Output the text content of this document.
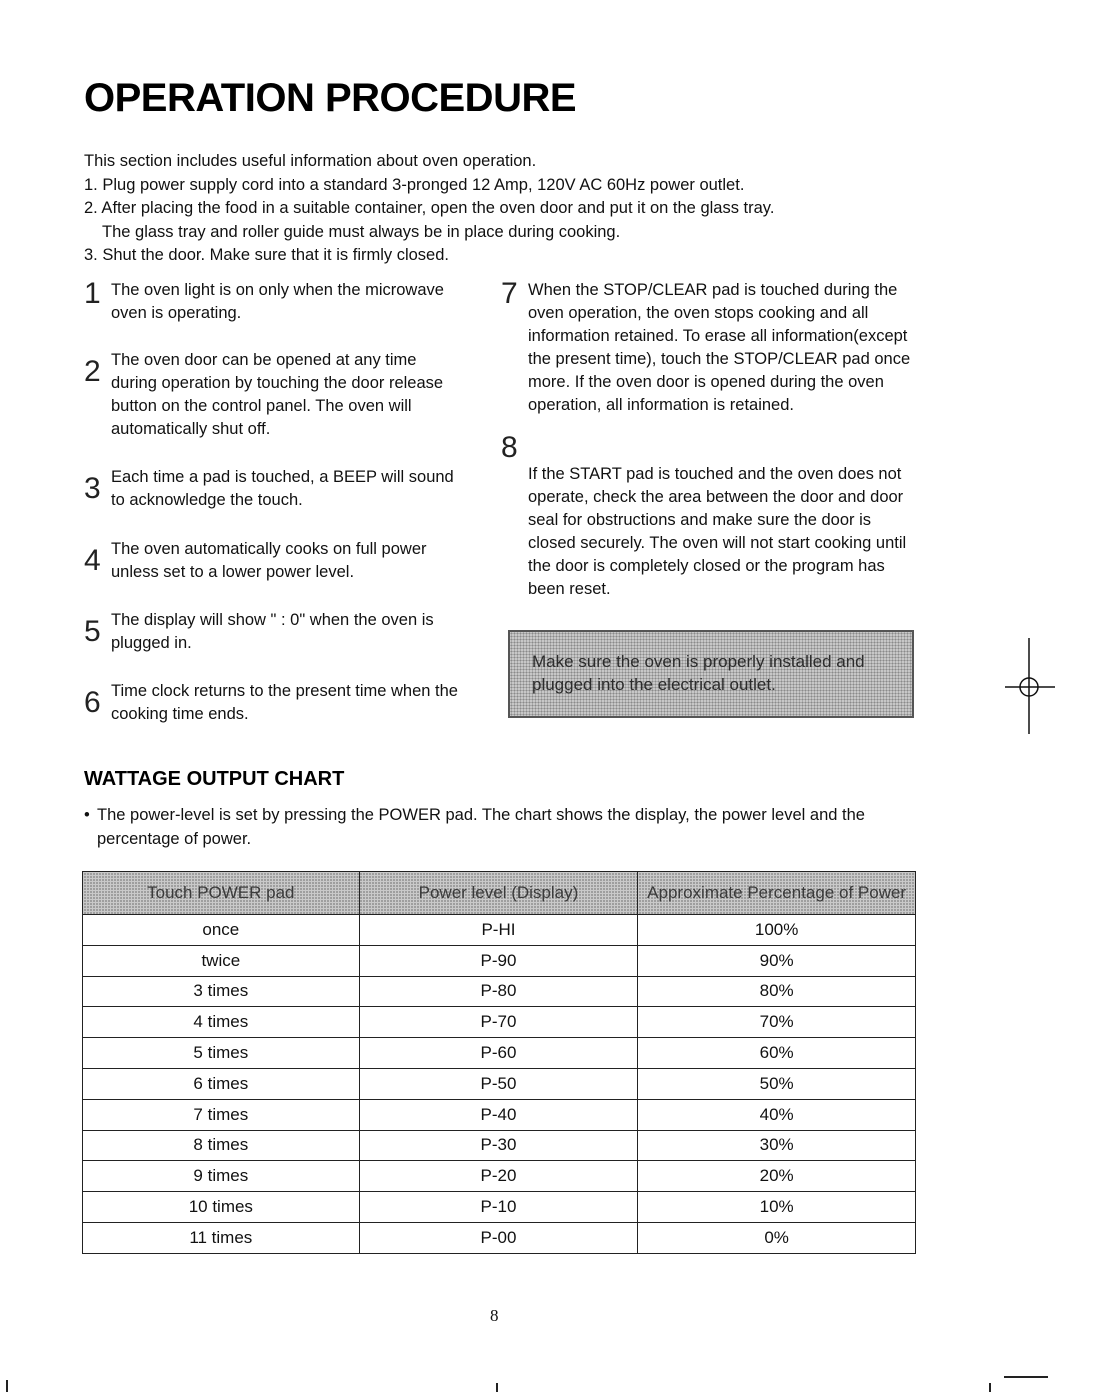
OPERATION PROCEDURE

This section includes useful information about oven operation.

1. Plug power supply cord into a standard 3-pronged 12 Amp, 120V AC 60Hz power outlet.

2. After placing the food in a suitable container, open the oven door and put it on the glass tray.

The glass tray and roller guide must always be in place during cooking.

3. Shut the door. Make sure that it is firmly closed.

1 The oven light is on only when the microwave oven is operating.
2 The oven door can be opened at any time during operation by touching the door release button on the control panel. The oven will automatically shut off.
3 Each time a pad is touched, a BEEP will sound to acknowledge the touch.
4 The oven automatically cooks on full power unless set to a lower power level.
5 The display will show " : 0" when the oven is plugged in.
6 Time clock returns to the present time when the cooking time ends.
7 When the STOP/CLEAR pad is touched during the oven operation, the oven stops cooking and all information retained. To erase all information(except the present time), touch the STOP/CLEAR pad once more. If the oven door is opened during the oven operation, all information is retained.
8
If the START pad is touched and the oven does not operate, check the area between the door and door seal for obstructions and make sure the door is closed securely. The oven will not start cooking until the door is completely closed or the program has been reset.
Make sure the oven is properly installed and plugged into the electrical outlet.
WATTAGE OUTPUT CHART
• The power-level is set by pressing the POWER pad. The chart shows the display, the power level and the percentage of power.
Touch POWER pad	Power level (Display)	Approximate Percentage of Power
once	P-HI	100%
twice	P-90	90%
3 times	P-80	80%
4 times	P-70	70%
5 times	P-60	60%
6 times	P-50	50%
7 times	P-40	40%
8 times	P-30	30%
9 times	P-20	20%
10 times	P-10	10%
11 times	P-00	0%
8
